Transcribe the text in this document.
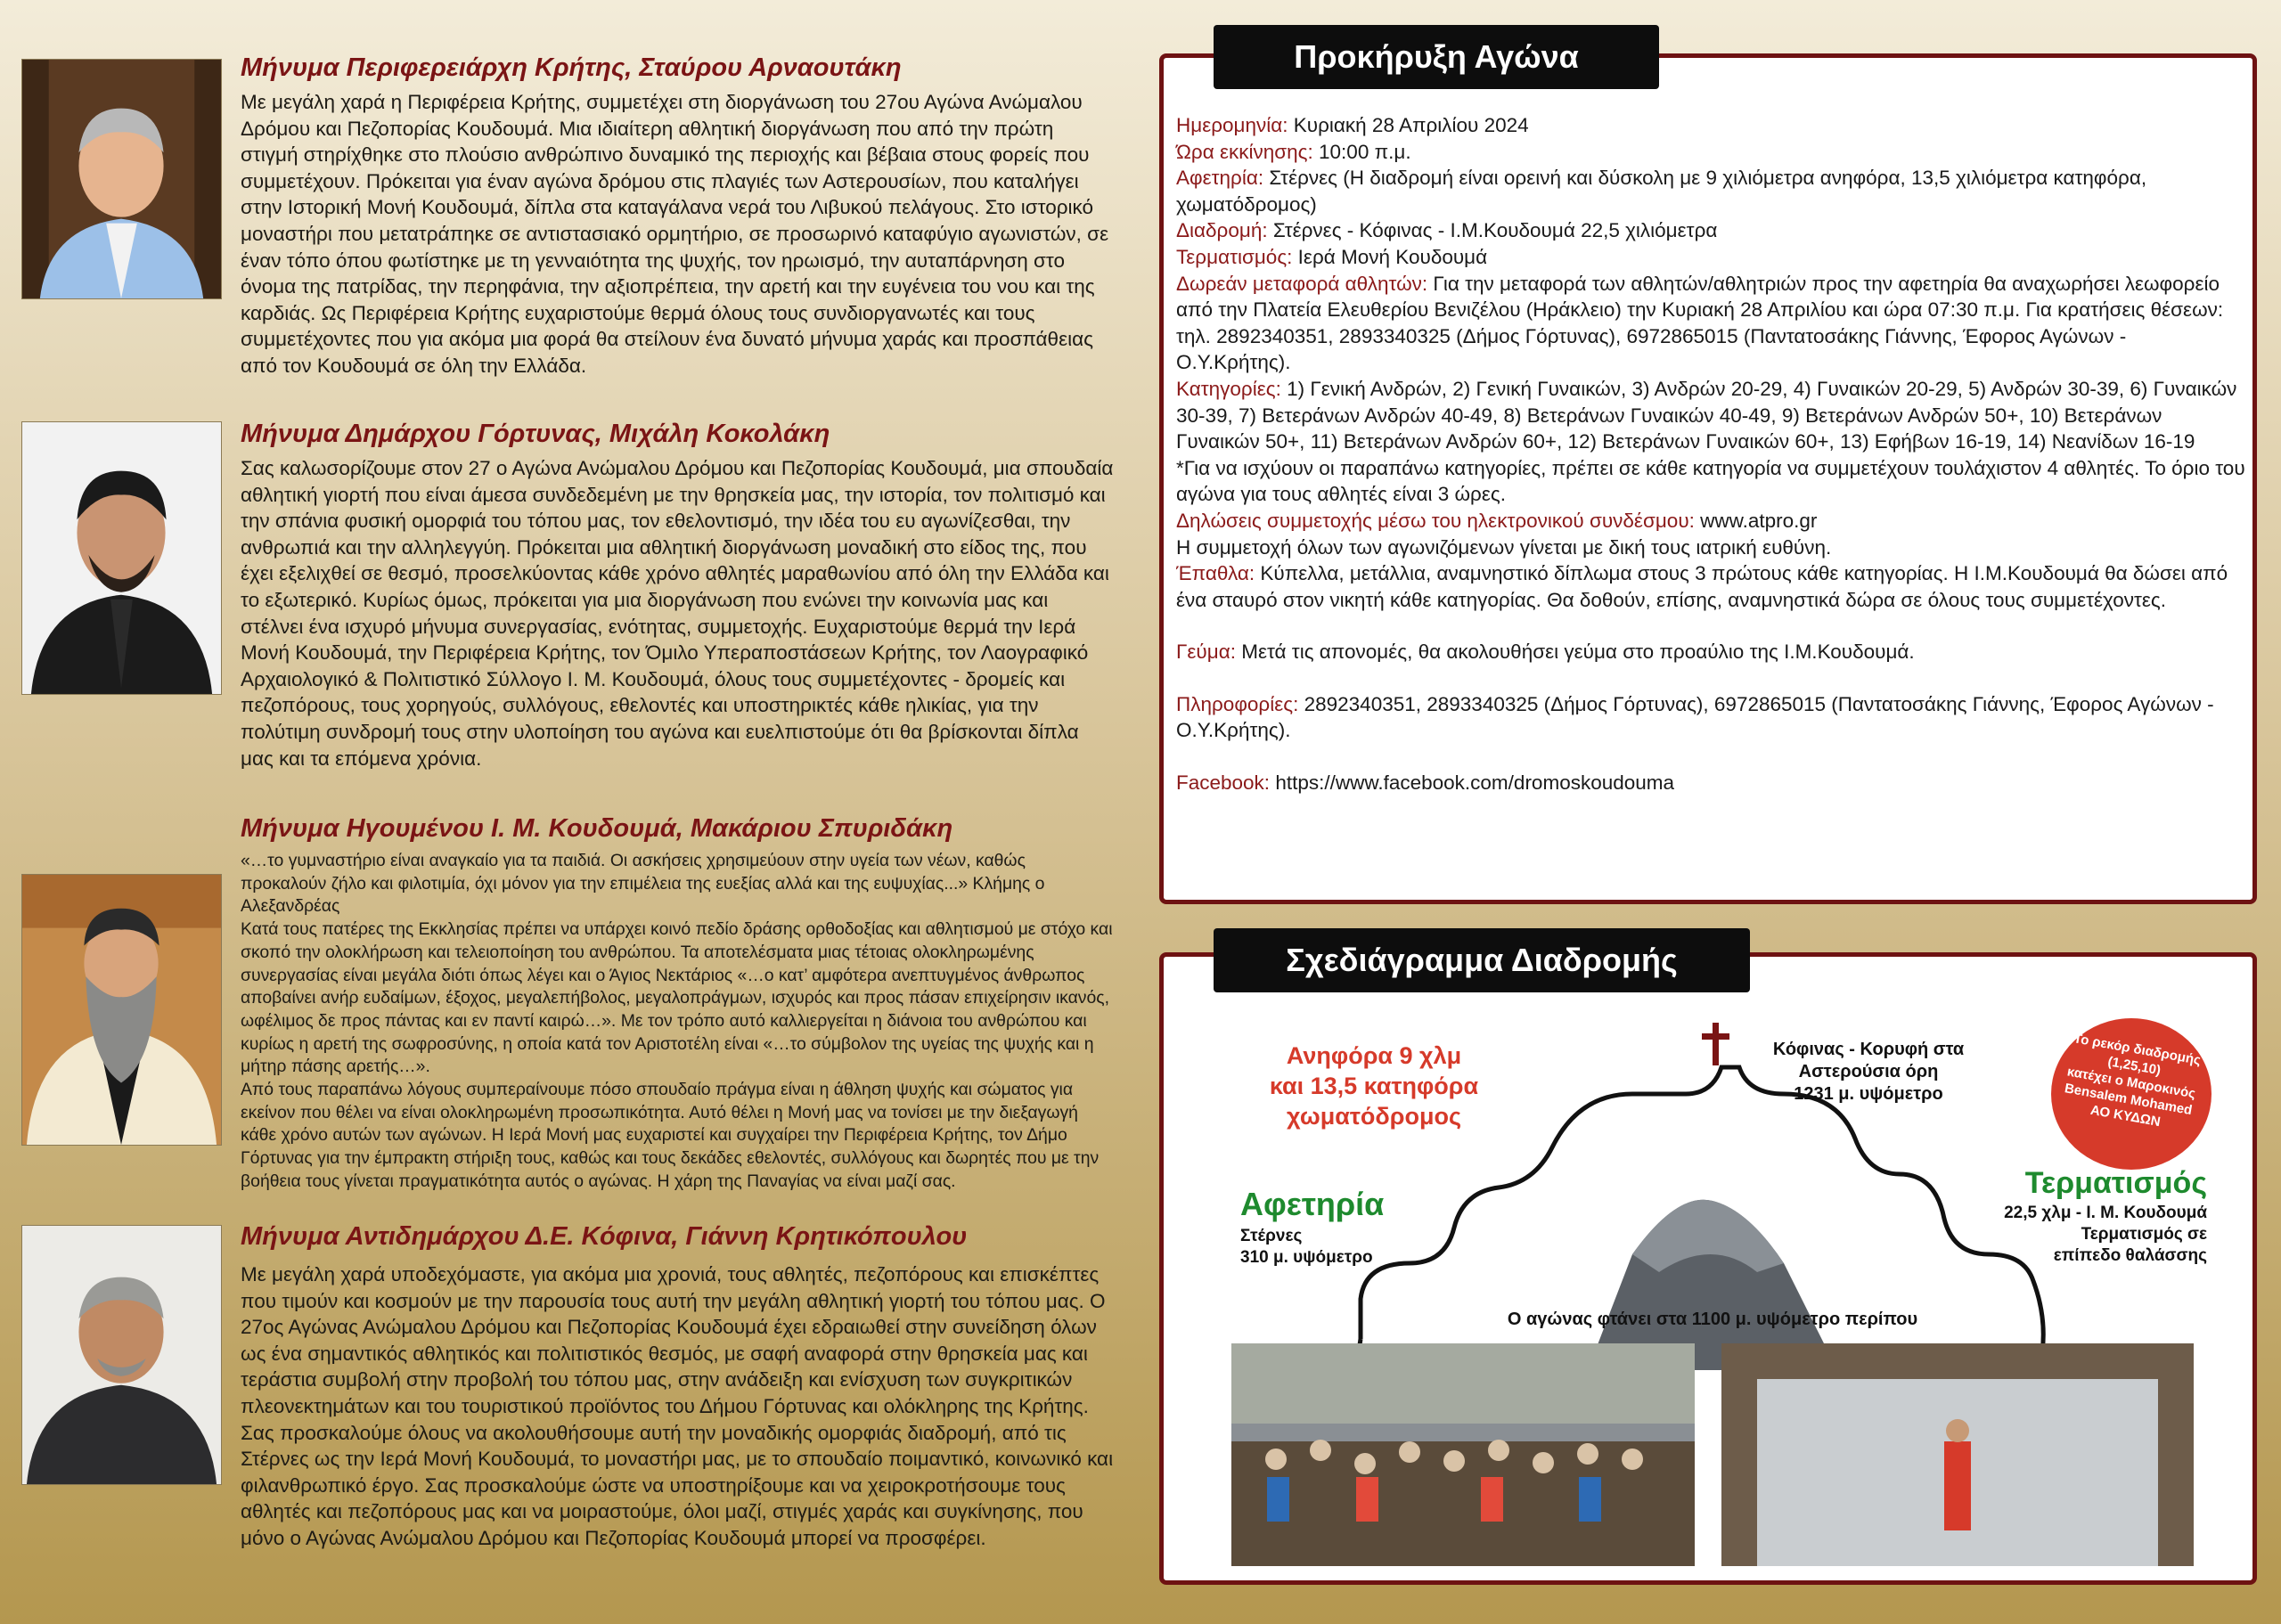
Μήνυμα Περιφερειάρχη Κρήτης, Σταύρου Αρναουτάκη

Με μεγάλη χαρά η Περιφέρεια Κρήτης, συμμετέχει στη διοργάνωση του 27ου Αγώνα Ανώμαλου Δρόμου και Πεζοπορίας Κουδουμά. Μια ιδιαίτερη αθλητική διοργάνωση που από την πρώτη στιγμή στηρίχθηκε στο πλούσιο ανθρώπινο δυναμικό της περιοχής και βέβαια στους φορείς που συμμετέχουν. Πρόκειται για έναν αγώνα δρόμου στις πλαγιές των Αστερουσίων, που καταλήγει στην Ιστορική Μονή Κουδουμά, δίπλα στα καταγάλανα νερά του Λιβυκού πελάγους. Στο ιστορικό μοναστήρι που μετατράπηκε σε αντιστασιακό ορμητήριο, σε προσωρινό καταφύγιο αγωνιστών, σε έναν τόπο όπου φωτίστηκε με τη γενναιότητα της ψυχής, τον ηρωισμό, την αυταπάρνηση στο όνομα της πατρίδας, την περηφάνια, την αξιοπρέπεια, την αρετή και την ευγένεια του νου και της καρδιάς. Ως Περιφέρεια Κρήτης ευχαριστούμε θερμά όλους τους συνδιοργανωτές και τους συμμετέχοντες που για ακόμα μια φορά θα στείλουν ένα δυνατό μήνυμα χαράς και προσπάθειας από τον Κουδουμά σε όλη την Ελλάδα.

Μήνυμα Δημάρχου Γόρτυνας, Μιχάλη Κοκολάκη

Σας καλωσορίζουμε στον 27 ο Αγώνα Ανώμαλου Δρόμου και Πεζοπορίας Κουδουμά, μια σπουδαία αθλητική γιορτή που είναι άμεσα συνδεδεμένη με την θρησκεία μας, την ιστορία, τον πολιτισμό και την σπάνια φυσική ομορφιά του τόπου μας, τον εθελοντισμό, την ιδέα του ευ αγωνίζεσθαι, την ανθρωπιά και την αλληλεγγύη. Πρόκειται μια αθλητική διοργάνωση μοναδική στο είδος της, που έχει εξελιχθεί σε θεσμό, προσελκύοντας κάθε χρόνο αθλητές μαραθωνίου από όλη την Ελλάδα και το εξωτερικό. Κυρίως όμως, πρόκειται για μια διοργάνωση που ενώνει την κοινωνία μας και στέλνει ένα ισχυρό μήνυμα συνεργασίας, ενότητας, συμμετοχής. Ευχαριστούμε θερμά την Ιερά Μονή Κουδουμά, την Περιφέρεια Κρήτης, τον Όμιλο Υπεραποστάσεων Κρήτης, τον Λαογραφικό Αρχαιολογικό & Πολιτιστικό Σύλλογο Ι. Μ. Κουδουμά, όλους τους συμμετέχοντες - δρομείς και πεζοπόρους, τους χορηγούς, συλλόγους, εθελοντές και υποστηρικτές κάθε ηλικίας, για την πολύτιμη συνδρομή τους στην υλοποίηση του αγώνα και ευελπιστούμε ότι θα βρίσκονται δίπλα μας και τα επόμενα χρόνια.

Μήνυμα Ηγουμένου Ι. Μ. Κουδουμά, Μακάριου Σπυριδάκη

«…το γυμναστήριο είναι αναγκαίο για τα παιδιά. Οι ασκήσεις χρησιμεύουν στην υγεία των νέων, καθώς προκαλούν ζήλο και φιλοτιμία, όχι μόνον για την επιμέλεια της ευεξίας αλλά και της ευψυχίας...» Κλήμης ο Αλεξανδρέας
Κατά τους πατέρες της Εκκλησίας πρέπει να υπάρχει κοινό πεδίο δράσης ορθοδοξίας και αθλητισμού με στόχο και σκοπό την ολοκλήρωση και τελειοποίηση του ανθρώπου. Τα αποτελέσματα μιας τέτοιας ολοκληρωμένης συνεργασίας είναι μεγάλα διότι όπως λέγει και ο Άγιος Νεκτάριος «…ο κατ’ αμφότερα ανεπτυγμένος άνθρωπος αποβαίνει ανήρ ευδαίμων, έξοχος, μεγαλεπήβολος, μεγαλοπράγμων, ισχυρός και προς πάσαν επιχείρησιν ικανός, ωφέλιμος δε προς πάντας και εν παντί καιρώ…». Με τον τρόπο αυτό καλλιεργείται η διάνοια του ανθρώπου και κυρίως η αρετή της σωφροσύνης, η οποία κατά τον Αριστοτέλη είναι «…το σύμβολον της υγείας της ψυχής και η μήτηρ πάσης αρετής…».
Από τους παραπάνω λόγους συμπεραίνουμε πόσο σπουδαίο πράγμα είναι η άθληση ψυχής και σώματος για εκείνον που θέλει να είναι ολοκληρωμένη προσωπικότητα. Αυτό θέλει η Μονή μας να τονίσει με την διεξαγωγή κάθε χρόνο αυτών των αγώνων. Η Ιερά Μονή μας ευχαριστεί και συγχαίρει την Περιφέρεια Κρήτης, τον Δήμο Γόρτυνας για την έμπρακτη στήριξη τους, καθώς και τους δεκάδες εθελοντές, συλλόγους και δωρητές που με την βοήθεια τους γίνεται πραγματικότητα αυτός ο αγώνας. Η χάρη της Παναγίας να είναι μαζί σας.

Μήνυμα Αντιδημάρχου Δ.Ε. Κόφινα, Γιάννη Κρητικόπουλου

Με μεγάλη χαρά υποδεχόμαστε, για ακόμα μια χρονιά, τους αθλητές, πεζοπόρους και επισκέπτες που τιμούν και κοσμούν με την παρουσία τους αυτή την μεγάλη αθλητική γιορτή του τόπου μας. Ο 27ος Αγώνας Ανώμαλου Δρόμου και Πεζοπορίας Κουδουμά έχει εδραιωθεί στην συνείδηση όλων ως ένα σημαντικός αθλητικός και πολιτιστικός θεσμός, με σαφή αναφορά στην θρησκεία μας και τεράστια συμβολή στην προβολή του τόπου μας, στην ανάδειξη και ενίσχυση των συγκριτικών πλεονεκτημάτων και του τουριστικού προϊόντος του Δήμου Γόρτυνας και ολόκληρης της Κρήτης. Σας προσκαλούμε όλους να ακολουθήσουμε αυτή την μοναδικής ομορφιάς διαδρομή, από τις Στέρνες ως την Ιερά Μονή Κουδουμά, το μοναστήρι μας, με το σπουδαίο ποιμαντικό, κοινωνικό και φιλανθρωπικό έργο. Σας προσκαλούμε ώστε να υποστηρίξουμε και να χειροκροτήσουμε τους αθλητές και πεζοπόρους μας και να μοιραστούμε, όλοι μαζί, στιγμές χαράς και συγκίνησης, που μόνο ο Αγώνας Ανώμαλου Δρόμου και Πεζοπορίας Κουδουμά μπορεί να προσφέρει.

Προκήρυξη Αγώνα

Ημερομηνία: Κυριακή 28 Απριλίου 2024

Ώρα εκκίνησης: 10:00 π.μ.

Αφετηρία: Στέρνες (Η διαδρομή είναι ορεινή και δύσκολη με 9 χιλιόμετρα ανηφόρα, 13,5 χιλιόμετρα κατηφόρα, χωματόδρομος)

Διαδρομή: Στέρνες - Κόφινας - Ι.Μ.Κουδουμά 22,5 χιλιόμετρα

Τερματισμός: Ιερά Μονή Κουδουμά

Δωρεάν μεταφορά αθλητών: Για την μεταφορά των αθλητών/αθλητριών προς την αφετηρία θα αναχωρήσει λεωφορείο από την Πλατεία Ελευθερίου Βενιζέλου (Ηράκλειο) την Κυριακή 28 Απριλίου και ώρα 07:30 π.μ. Για κρατήσεις θέσεων: τηλ. 2892340351, 2893340325 (Δήμος Γόρτυνας), 6972865015 (Παντατοσάκης Γιάννης, Έφορος Αγώνων - Ο.Υ.Κρήτης).

Κατηγορίες: 1) Γενική Ανδρών, 2) Γενική Γυναικών, 3) Ανδρών 20-29, 4) Γυναικών 20-29, 5) Ανδρών 30-39, 6) Γυναικών 30-39, 7) Βετεράνων Ανδρών 40-49, 8) Βετεράνων Γυναικών 40-49, 9) Βετεράνων Ανδρών 50+, 10) Βετεράνων Γυναικών 50+, 11) Βετεράνων Ανδρών 60+, 12) Βετεράνων Γυναικών 60+, 13) Εφήβων 16-19, 14) Νεανίδων 16-19

*Για να ισχύουν οι παραπάνω κατηγορίες, πρέπει σε κάθε κατηγορία να συμμετέχουν τουλάχιστον 4 αθλητές. Το όριο του αγώνα για τους αθλητές είναι 3 ώρες.

Δηλώσεις συμμετοχής μέσω του ηλεκτρονικού συνδέσμου: www.atpro.gr

Η συμμετοχή όλων των αγωνιζόμενων γίνεται με δική τους ιατρική ευθύνη.

Έπαθλα: Κύπελλα, μετάλλια, αναμνηστικό δίπλωμα στους 3 πρώτους κάθε κατηγορίας. Η Ι.Μ.Κουδουμά θα δώσει από ένα σταυρό στον νικητή κάθε κατηγορίας. Θα δοθούν, επίσης, αναμνηστικά δώρα σε όλους τους συμμετέχοντες.

Γεύμα: Μετά τις απονομές, θα ακολουθήσει γεύμα στο προαύλιο της Ι.Μ.Κουδουμά.

Πληροφορίες: 2892340351, 2893340325 (Δήμος Γόρτυνας), 6972865015 (Παντατοσάκης Γιάννης, Έφορος Αγώνων - Ο.Υ.Κρήτης).

Facebook: https://www.facebook.com/dromoskoudouma

Σχεδιάγραμμα Διαδρομής
Ανηφόρα 9 χλμ
και 13,5 κατηφόρα
χωματόδρομος
Κόφινας - Κορυφή στα
Αστερούσια όρη
1231 μ. υψόμετρο
Το ρεκόρ διαδρομής
(1,25,10)
κατέχει ο Μαροκινός
Bensalem Mohamed
ΑΟ ΚΥΔΩΝ
Αφετηρία
Στέρνες
310 μ. υψόμετρο
Τερματισμός
22,5 χλμ - Ι. Μ. Κουδουμά
Τερματισμός σε
επίπεδο θαλάσσης
Ο αγώνας φτάνει στα 1100 μ. υψόμετρο περίπου
